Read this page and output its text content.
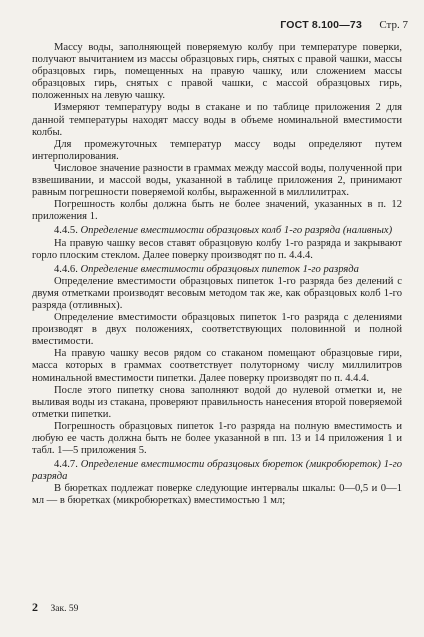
ГОСТ 8.100—73 Стр. 7

Массу воды, заполняющей поверяемую колбу при температуре поверки, получают вычитанием из массы образцовых гирь, снятых с правой чашки, массы образцовых гирь, помещенных на правую чашку, или сложением массы образцовых гирь, снятых с правой чашки, с массой образцовых гирь, положенных на левую чашку.

Измеряют температуру воды в стакане и по таблице приложения 2 для данной температуры находят массу воды в объеме номинальной вместимости колбы.

Для промежуточных температур массу воды определяют путем интерполирования.

Числовое значение разности в граммах между массой воды, полученной при взвешивании, и массой воды, указанной в таблице приложения 2, принимают равным погрешности поверяемой колбы, выраженной в миллилитрах.

Погрешность колбы должна быть не более значений, указанных в п. 12 приложения 1.

4.4.5. Определение вместимости образцовых колб 1-го разряда (наливных)

На правую чашку весов ставят образцовую колбу 1-го разряда и закрывают горло плоским стеклом. Далее поверку производят по п. 4.4.4.

4.4.6. Определение вместимости образцовых пипеток 1-го разряда

Определение вместимости образцовых пипеток 1-го разряда без делений с двумя отметками производят весовым методом так же, как образцовых колб 1-го разряда (отливных).

Определение вместимости образцовых пипеток 1-го разряда с делениями производят в двух положениях, соответствующих половинной и полной вместимости.

На правую чашку весов рядом со стаканом помещают образцовые гири, масса которых в граммах соответствует полуторному числу миллилитров номинальной вместимости пипетки. Далее поверку производят по п. 4.4.4.

После этого пипетку снова заполняют водой до нулевой отметки и, не выливая воды из стакана, проверяют правильность нанесения второй поверяемой отметки пипетки.

Погрешность образцовых пипеток 1-го разряда на полную вместимость и любую ее часть должна быть не более указанной в пп. 13 и 14 приложения 1 и табл. 1—5 приложения 5.

4.4.7. Определение вместимости образцовых бюреток (микробюреток) 1-го разряда

В бюретках подлежат поверке следующие интервалы шкалы: 0—0,5 и 0—1 мл — в бюретках (микробюретках) вместимостью 1 мл;

2 Зак. 59
